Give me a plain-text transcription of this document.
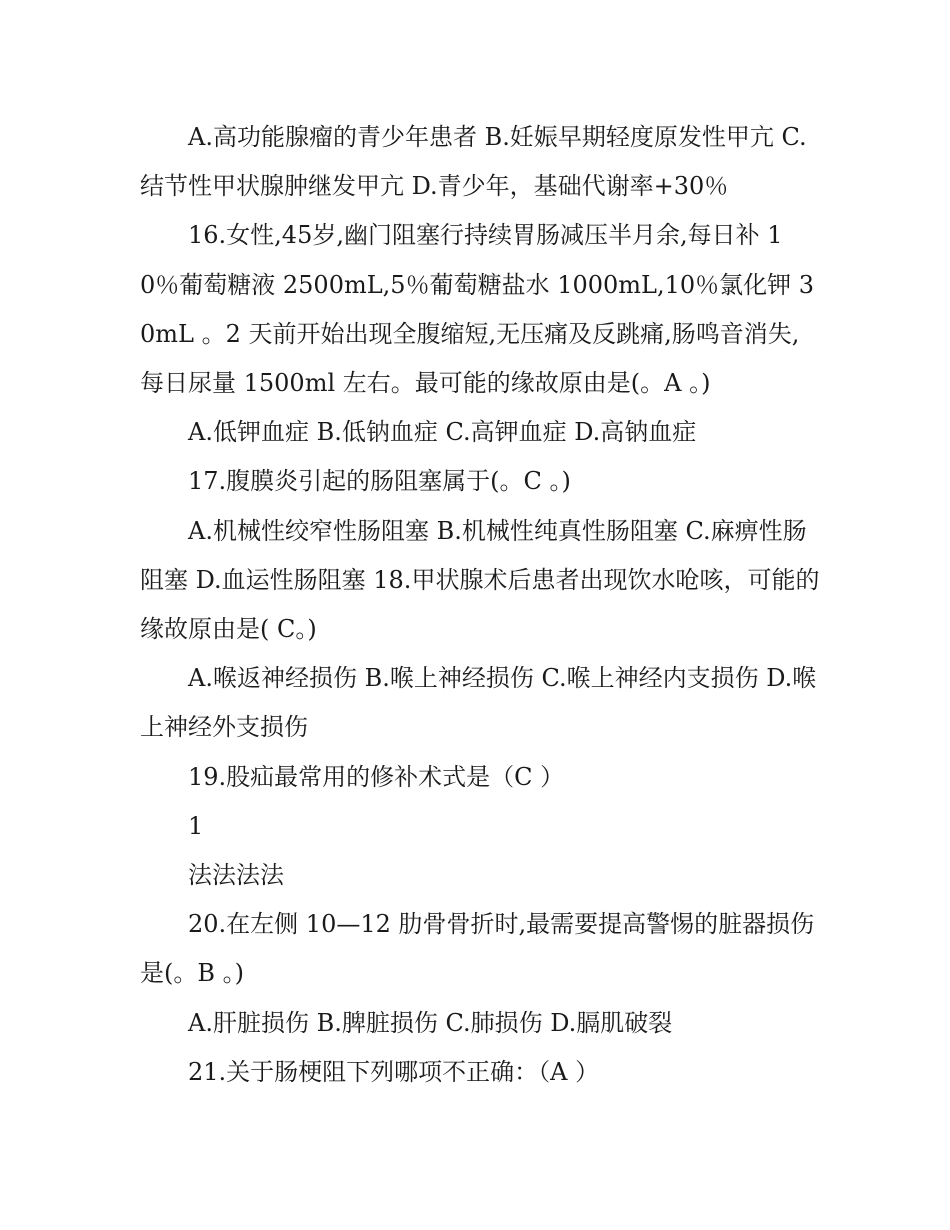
A.高功能腺瘤的青少年患者 B.妊娠早期轻度原发性甲亢 C.结节性甲状腺肿继发甲亢 D.青少年，基础代谢率+30％

16.女性,45岁,幽门阻塞行持续胃肠减压半月余,每日补 10％葡萄糖液 2500mL,5％葡萄糖盐水 1000mL,10％氯化钾 30mL 。2 天前开始出现全腹缩短,无压痛及反跳痛,肠鸣音消失,每日尿量 1500ml 左右。最可能的缘故原由是(。A 。)

A.低钾血症 B.低钠血症 C.高钾血症 D.高钠血症

17.腹膜炎引起的肠阻塞属于(。C 。)

A.机械性绞窄性肠阻塞 B.机械性纯真性肠阻塞 C.麻痹性肠阻塞 D.血运性肠阻塞 18.甲状腺术后患者出现饮水呛咳，可能的缘故原由是( C。)

A.喉返神经损伤 B.喉上神经损伤 C.喉上神经内支损伤 D.喉上神经外支损伤

19.股疝最常用的修补术式是（C ）

1

法法法法

20.在左侧 10—12 肋骨骨折时,最需要提高警惕的脏器损伤是(。B 。)

A.肝脏损伤 B.脾脏损伤 C.肺损伤 D.膈肌破裂

21.关于肠梗阻下列哪项不正确：（A ）
